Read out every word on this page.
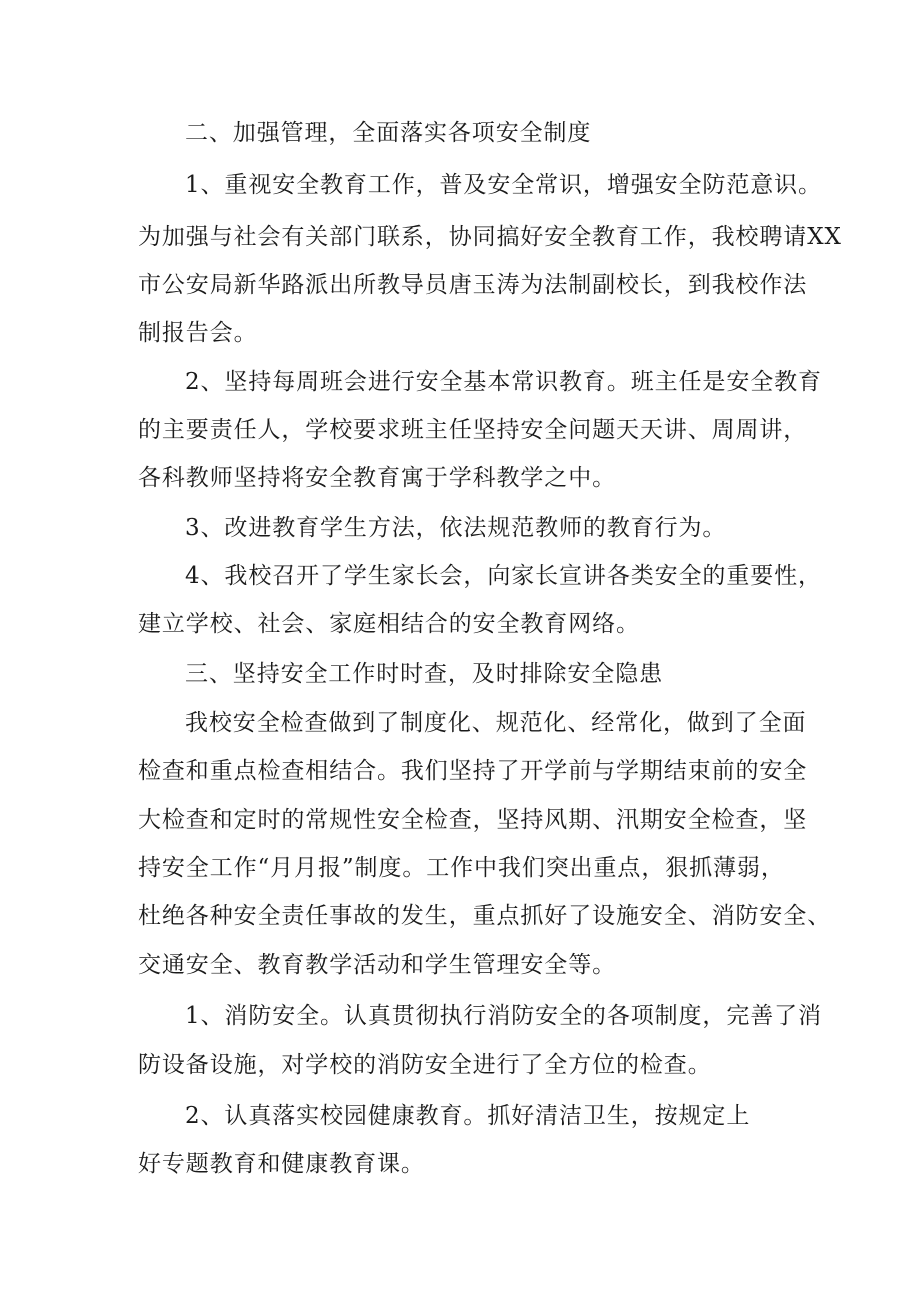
二、加强管理，全面落实各项安全制度
1、重视安全教育工作，普及安全常识，增强安全防范意识。
为加强与社会有关部门联系，协同搞好安全教育工作，我校聘请XX
市公安局新华路派出所教导员唐玉涛为法制副校长，到我校作法
制报告会。
2、坚持每周班会进行安全基本常识教育。班主任是安全教育
的主要责任人，学校要求班主任坚持安全问题天天讲、周周讲，
各科教师坚持将安全教育寓于学科教学之中。
3、改进教育学生方法，依法规范教师的教育行为。
4、我校召开了学生家长会，向家长宣讲各类安全的重要性，
建立学校、社会、家庭相结合的安全教育网络。
三、坚持安全工作时时查，及时排除安全隐患
我校安全检查做到了制度化、规范化、经常化，做到了全面
检查和重点检查相结合。我们坚持了开学前与学期结束前的安全
大检查和定时的常规性安全检查，坚持风期、汛期安全检查，坚
持安全工作“月月报”制度。工作中我们突出重点，狠抓薄弱，
杜绝各种安全责任事故的发生，重点抓好了设施安全、消防安全、
交通安全、教育教学活动和学生管理安全等。
1、消防安全。认真贯彻执行消防安全的各项制度，完善了消
防设备设施，对学校的消防安全进行了全方位的检查。
2、认真落实校园健康教育。抓好清洁卫生，按规定上
好专题教育和健康教育课。
